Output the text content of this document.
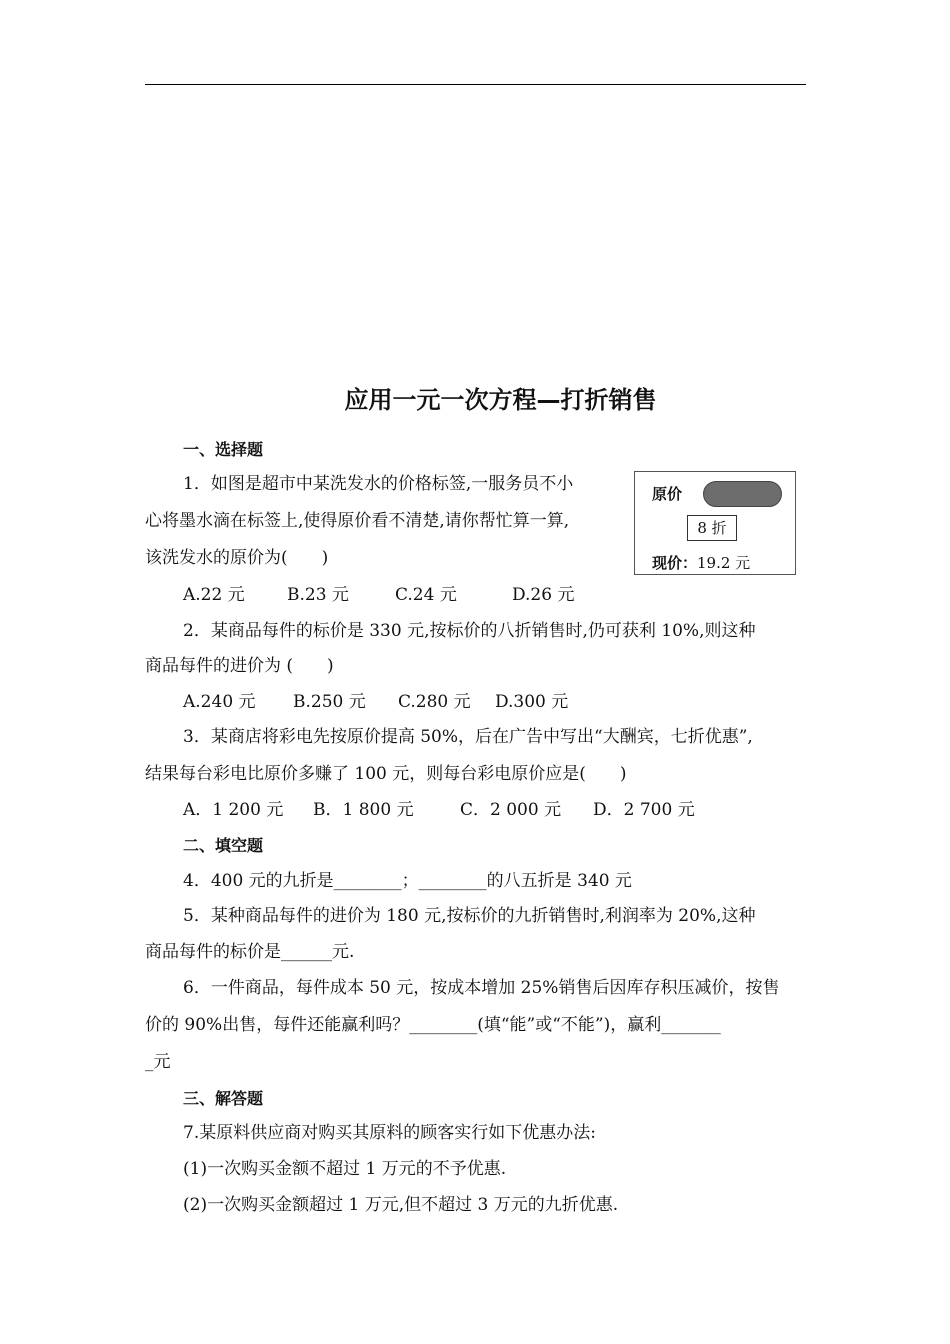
应用一元一次方程—打折销售
一、选择题
1．如图是超市中某洗发水的价格标签,一服务员不小
心将墨水滴在标签上,使得原价看不清楚,请你帮忙算一算,
该洗发水的原价为(　　)
A.22 元 B.23 元	C.24 元	D.26 元
原价
8 折
现价：19.2 元
2．某商品每件的标价是 330 元,按标价的八折销售时,仍可获利 10%,则这种
商品每件的进价为 (　　)
A.240 元 B.250 元 C.280 元 D.300 元
3．某商店将彩电先按原价提高 50%，后在广告中写出“大酬宾，七折优惠”,
结果每台彩电比原价多赚了 100 元，则每台彩电原价应是(　　)
A．1 200 元 B．1 800 元	C．2 000 元 D．2 700 元
二、填空题
4．400 元的九折是________；________的八五折是 340 元
5．某种商品每件的进价为 180 元,按标价的九折销售时,利润率为 20%,这种
商品每件的标价是______元.
6．一件商品，每件成本 50 元，按成本增加 25%销售后因库存积压减价，按售
价的 90%出售，每件还能赢利吗？________(填“能”或“不能”)，赢利_______
_元
三、解答题
7.某原料供应商对购买其原料的顾客实行如下优惠办法:
(1)一次购买金额不超过 1 万元的不予优惠.
(2)一次购买金额超过 1 万元,但不超过 3 万元的九折优惠.
